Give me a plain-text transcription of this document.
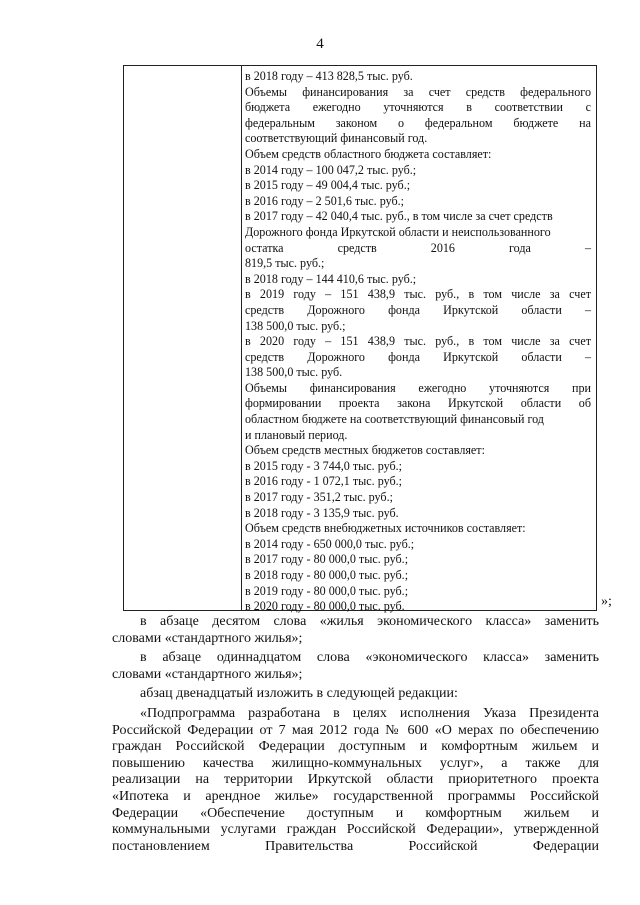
4
в 2018 году – 413 828,5 тыс. руб.
Объемы финансирования за счет средств федерального
бюджета ежегодно уточняются в соответствии с
федеральным законом о федеральном бюджете на
соответствующий финансовый год.
Объем средств областного бюджета составляет:
в 2014 году – 100 047,2 тыс. руб.;
в 2015 году – 49 004,4 тыс. руб.;
в 2016 году – 2 501,6 тыс. руб.;
в 2017 году – 42 040,4 тыс. руб., в том числе за счет средств
Дорожного фонда Иркутской области и неиспользованного
остатка средств 2016 года –
819,5 тыс. руб.;
в 2018 году – 144 410,6 тыс. руб.;
в 2019 году – 151 438,9 тыс. руб., в том числе за счет
средств Дорожного фонда Иркутской области –
138 500,0 тыс. руб.;
в 2020 году – 151 438,9 тыс. руб., в том числе за счет
средств Дорожного фонда Иркутской области –
138 500,0 тыс. руб.
Объемы финансирования ежегодно уточняются при
формировании проекта закона Иркутской области об
областном бюджете на соответствующий финансовый год
и плановый период.
Объем средств местных бюджетов составляет:
в 2015 году - 3 744,0 тыс. руб.;
в 2016 году - 1 072,1 тыс. руб.;
в 2017 году - 351,2 тыс. руб.;
в 2018 году - 3 135,9 тыс. руб.
Объем средств внебюджетных источников составляет:
в 2014 году - 650 000,0 тыс. руб.;
в 2017 году - 80 000,0 тыс. руб.;
в 2018 году - 80 000,0 тыс. руб.;
в 2019 году - 80 000,0 тыс. руб.;
в 2020 году - 80 000,0 тыс. руб.	»;
в абзаце десятом слова «жилья экономического класса» заменить
словами «стандартного жилья»;
в абзаце одиннадцатом слова «экономического класса» заменить
словами «стандартного жилья»;
абзац двенадцатый изложить в следующей редакции:
«Подпрограмма разработана в целях исполнения Указа Президента
Российской Федерации от 7 мая 2012 года № 600 «О мерах по обеспечению
граждан Российской Федерации доступным и комфортным жильем и
повышению качества жилищно-коммунальных услуг», а также для
реализации на территории Иркутской области приоритетного проекта
«Ипотека и арендное жилье» государственной программы Российской
Федерации «Обеспечение доступным и комфортным жильем и
коммунальными услугами граждан Российской Федерации», утвержденной
постановлением Правительства Российской Федерации
